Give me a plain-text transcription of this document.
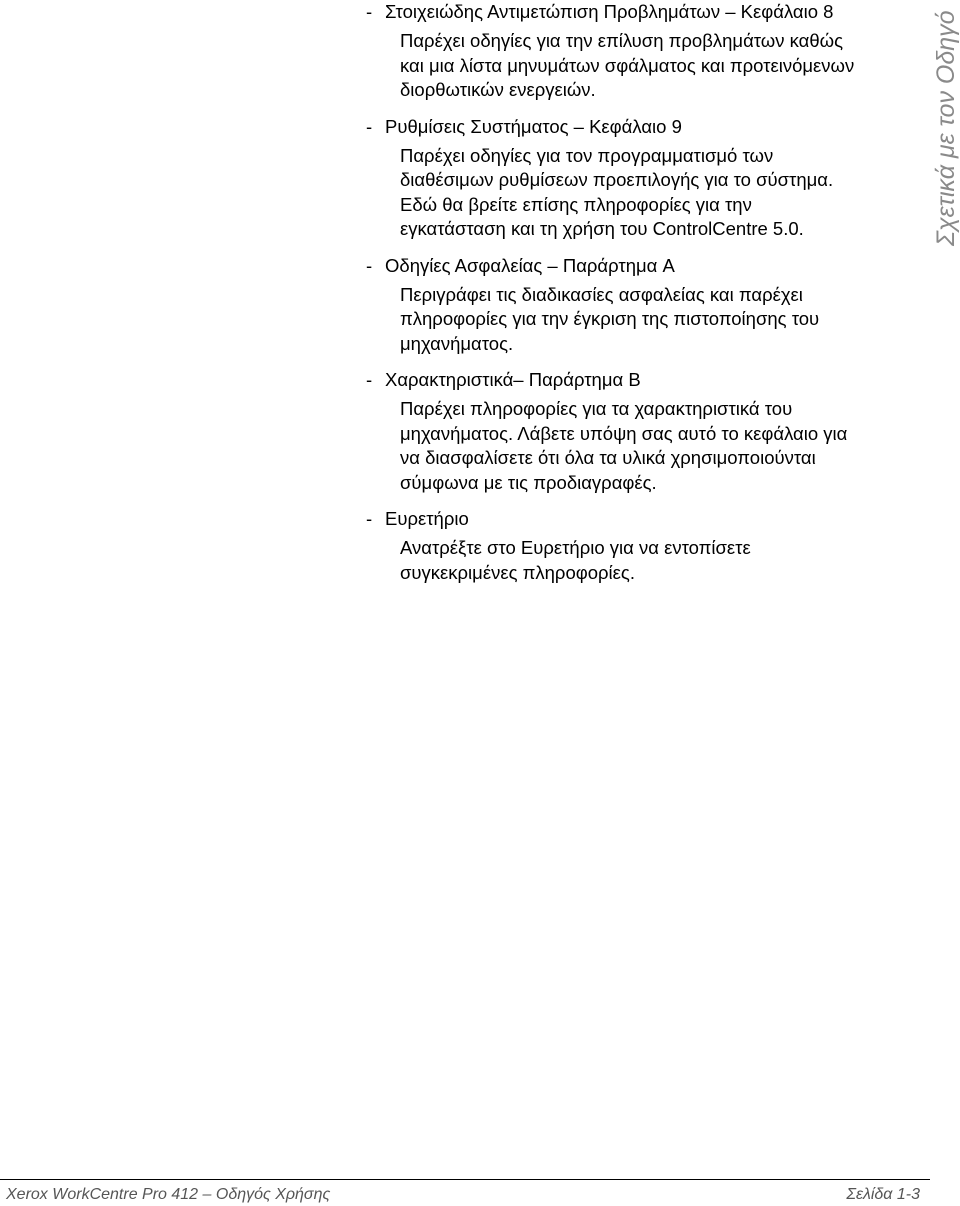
- Στοιχειώδης Αντιμετώπιση Προβλημάτων – Κεφάλαιο 8
Παρέχει οδηγίες για την επίλυση προβλημάτων καθώς
και μια λίστα μηνυμάτων σφάλματος και προτεινόμενων
διορθωτικών ενεργειών.
- Ρυθμίσεις Συστήματος – Κεφάλαιο 9
Παρέχει οδηγίες για τον προγραμματισμό των
διαθέσιμων ρυθμίσεων προεπιλογής για το σύστημα.
Εδώ θα βρείτε επίσης πληροφορίες για την
εγκατάσταση και τη χρήση του ControlCentre 5.0.
- Οδηγίες Ασφαλείας – Παράρτημα A
Περιγράφει τις διαδικασίες ασφαλείας και παρέχει
πληροφορίες για την έγκριση της πιστοποίησης του
μηχανήματος.
- Χαρακτηριστικά– Παράρτημα B
Παρέχει πληροφορίες για τα χαρακτηριστικά του
μηχανήματος. Λάβετε υπόψη σας αυτό το κεφάλαιο για
να διασφαλίσετε ότι όλα τα υλικά χρησιμοποιούνται
σύμφωνα με τις προδιαγραφές.
- Ευρετήριο
Ανατρέξτε στο Ευρετήριο για να εντοπίσετε
συγκεκριμένες πληροφορίες.
Σχετικά με τον Οδηγό
Xerox WorkCentre Pro 412 – Οδηγός Χρήσης	Σελίδα 1-3
